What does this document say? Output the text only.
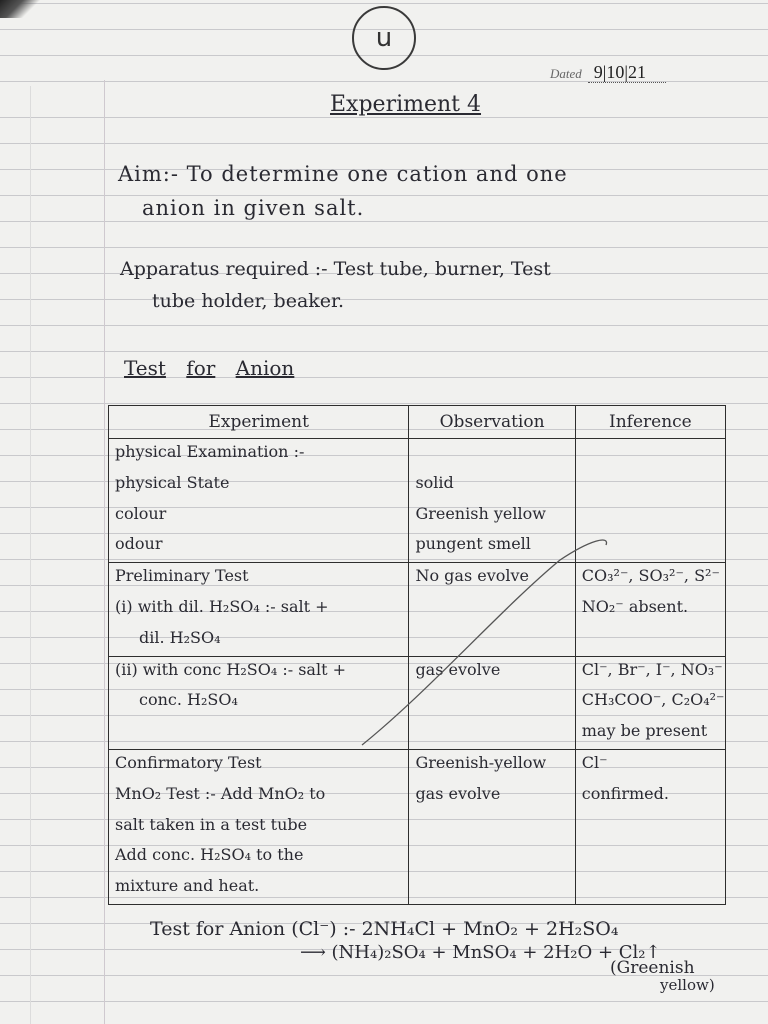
u
Dated 9|10|21
Experiment 4
Aim:- To determine one cation and one
anion in given salt.
Apparatus required :- Test tube, burner, Test
tube holder, beaker.
Test for Anion
Experiment	Observation	Inference

physical Examination :-		

physical State	solid	

colour	Greenish yellow	

odour	pungent smell	

Preliminary Test	No gas evolve	CO₃²⁻, SO₃²⁻, S²⁻

(i) with dil. H₂SO₄ :- salt +		NO₂⁻ absent.

dil. H₂SO₄		

(ii) with conc H₂SO₄ :- salt +	gas evolve	Cl⁻, Br⁻, I⁻, NO₃⁻

conc. H₂SO₄		CH₃COO⁻, C₂O₄²⁻

		may be present

Confirmatory Test	Greenish-yellow	Cl⁻

MnO₂ Test :- Add MnO₂ to	gas evolve	confirmed.

salt taken in a test tube		

Add conc. H₂SO₄ to the		

mixture and heat.		

Test for Anion (Cl⁻) :- 2NH₄Cl + MnO₂ + 2H₂SO₄
⟶ (NH₄)₂SO₄ + MnSO₄ + 2H₂O + Cl₂↑
(Greenish
yellow)
